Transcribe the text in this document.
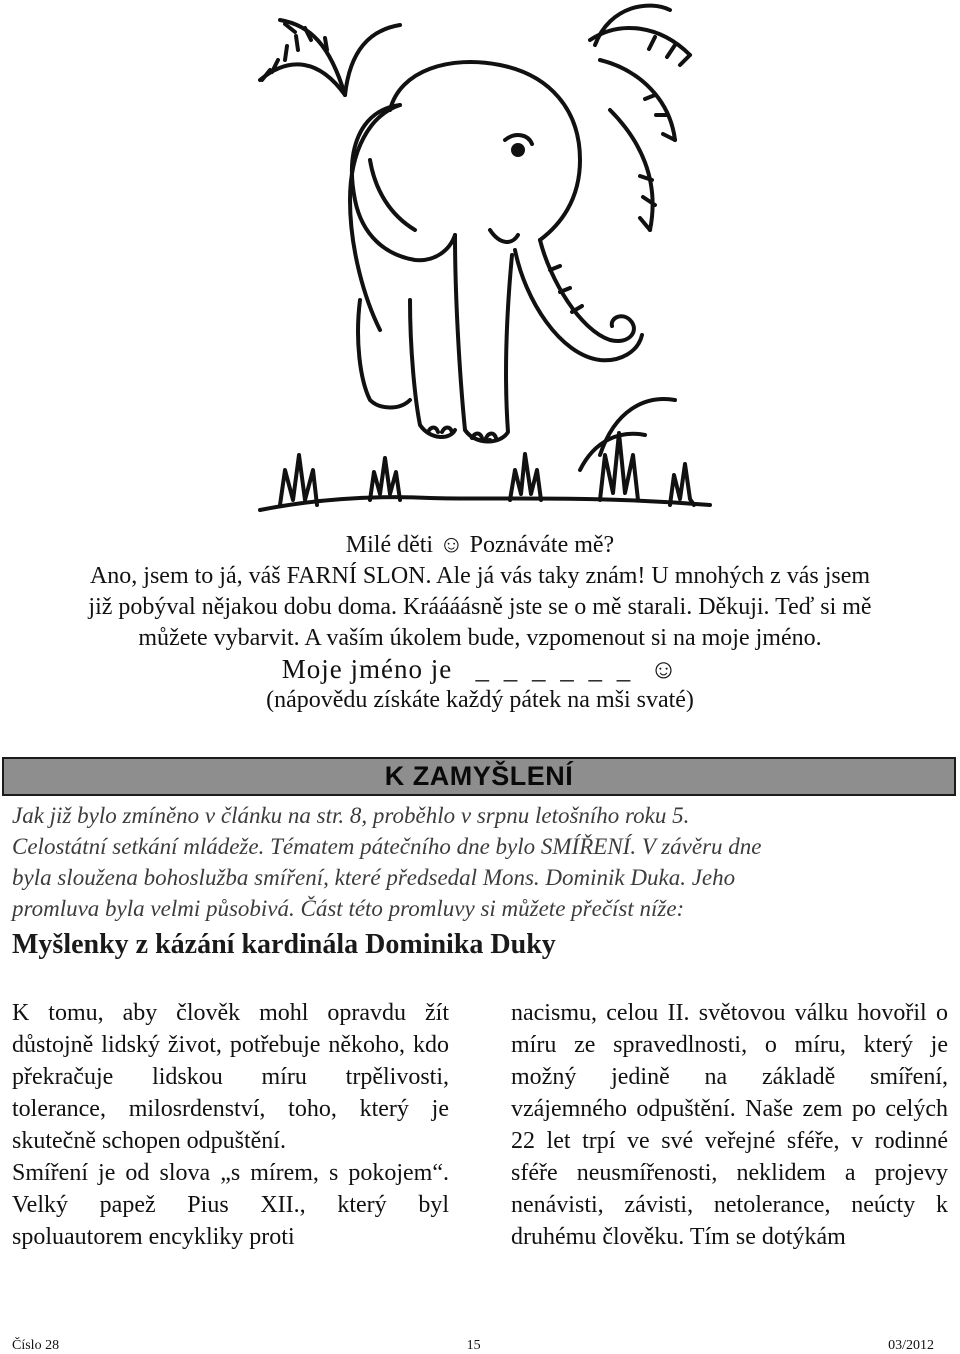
Milé děti ☺ Poznáváte mě?

Ano, jsem to já, váš FARNÍ SLON. Ale já vás taky znám! U mnohých z vás jsem

již pobýval nějakou dobu doma. Kráááásně jste se o mě starali. Děkuji. Teď si mě

můžete vybarvit. A vaším úkolem bude, vzpomenout si na moje jméno.

Moje jméno je _ _ _ _ _ _ ☺

(nápovědu získáte každý pátek na mši svaté)

K ZAMYŠLENÍ

Jak již bylo zmíněno v článku na str. 8, proběhlo v srpnu letošního roku 5.

Celostátní setkání mládeže. Tématem pátečního dne bylo SMÍŘENÍ. V závěru dne

byla sloužena bohoslužba smíření, které předsedal Mons. Dominik Duka. Jeho

promluva byla velmi působivá. Část této promluvy si můžete přečíst níže:

Myšlenky z kázání kardinála Dominika Duky

K tomu, aby člověk mohl opravdu žít důstojně lidský život, potřebuje někoho, kdo překračuje lidskou míru trpělivosti, tolerance, milosrdenství, toho, který je skutečně schopen odpuštění.

Smíření je od slova „s mírem, s pokojem“. Velký papež Pius XII., který byl spoluautorem encykliky proti

nacismu, celou II. světovou válku hovořil o míru ze spravedlnosti, o míru, který je možný jedině na základě smíření, vzájemného odpuštění. Naše zem po celých 22 let trpí ve své veřejné sféře, v rodinné sféře neusmířenosti, neklidem a projevy nenávisti, závisti, netolerance, neúcty k druhému člověku. Tím se dotýkám

Číslo 28	15	03/2012
